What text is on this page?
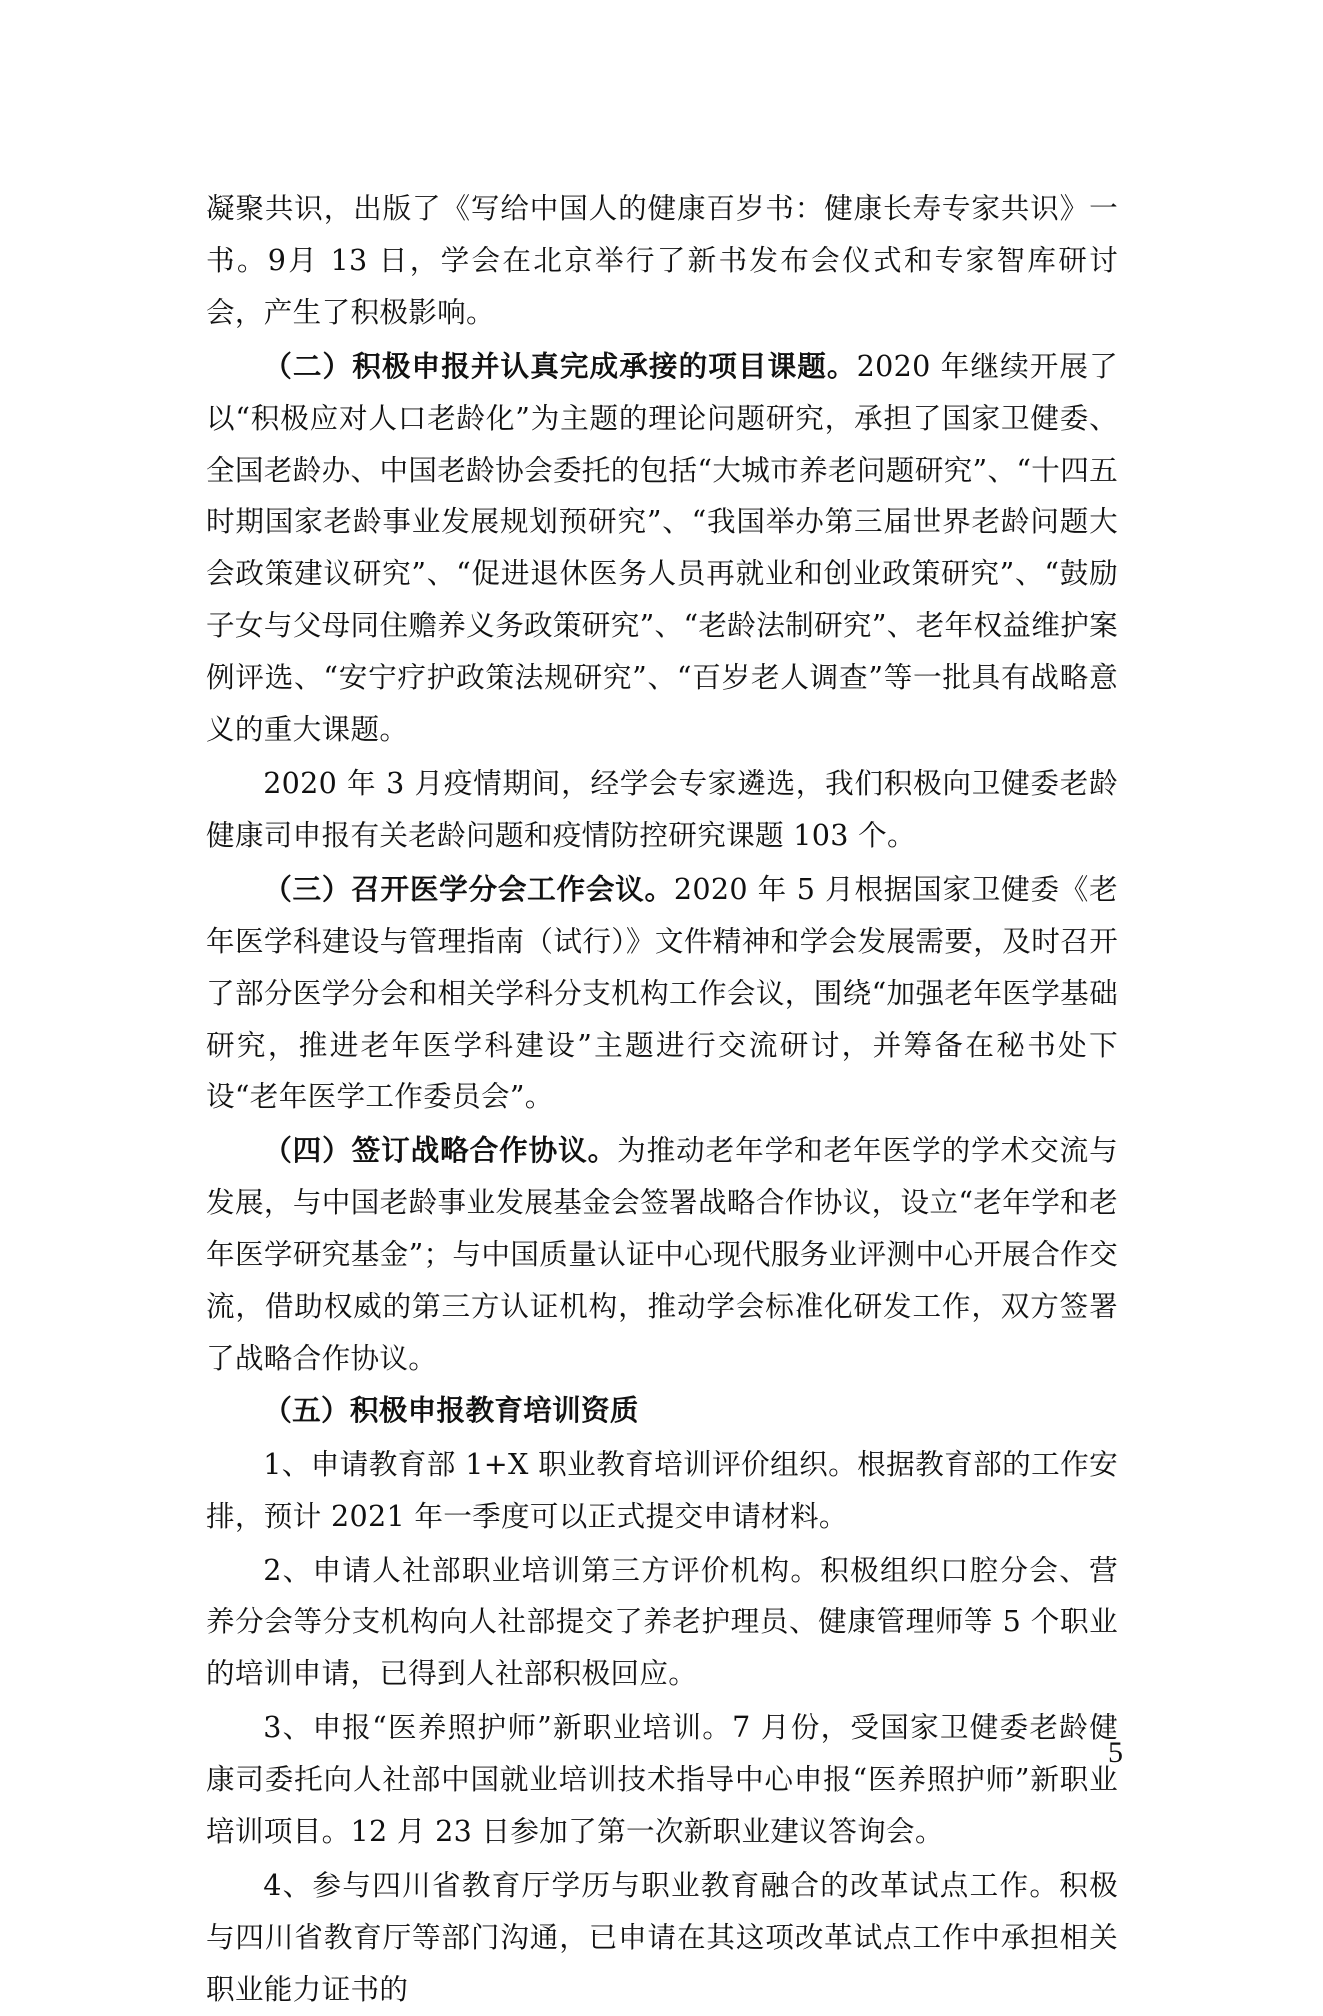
凝聚共识，出版了《写给中国人的健康百岁书：健康长寿专家共识》一书。9月 13 日，学会在北京举行了新书发布会仪式和专家智库研讨会，产生了积极影响。

（二）积极申报并认真完成承接的项目课题。2020 年继续开展了以“积极应对人口老龄化”为主题的理论问题研究，承担了国家卫健委、全国老龄办、中国老龄协会委托的包括“大城市养老问题研究”、“十四五时期国家老龄事业发展规划预研究”、“我国举办第三届世界老龄问题大会政策建议研究”、“促进退休医务人员再就业和创业政策研究”、“鼓励子女与父母同住赡养义务政策研究”、“老龄法制研究”、老年权益维护案例评选、“安宁疗护政策法规研究”、“百岁老人调查”等一批具有战略意义的重大课题。

2020 年 3 月疫情期间，经学会专家遴选，我们积极向卫健委老龄健康司申报有关老龄问题和疫情防控研究课题 103 个。

（三）召开医学分会工作会议。2020 年 5 月根据国家卫健委《老年医学科建设与管理指南（试行）》文件精神和学会发展需要，及时召开了部分医学分会和相关学科分支机构工作会议，围绕“加强老年医学基础研究，推进老年医学科建设”主题进行交流研讨，并筹备在秘书处下设“老年医学工作委员会”。

（四）签订战略合作协议。为推动老年学和老年医学的学术交流与发展，与中国老龄事业发展基金会签署战略合作协议，设立“老年学和老年医学研究基金”；与中国质量认证中心现代服务业评测中心开展合作交流，借助权威的第三方认证机构，推动学会标准化研发工作，双方签署了战略合作协议。

（五）积极申报教育培训资质

1、申请教育部 1+X 职业教育培训评价组织。根据教育部的工作安排，预计 2021 年一季度可以正式提交申请材料。

2、申请人社部职业培训第三方评价机构。积极组织口腔分会、营养分会等分支机构向人社部提交了养老护理员、健康管理师等 5 个职业的培训申请，已得到人社部积极回应。

3、申报“医养照护师”新职业培训。7 月份，受国家卫健委老龄健康司委托向人社部中国就业培训技术指导中心申报“医养照护师”新职业培训项目。12 月 23 日参加了第一次新职业建议答询会。

4、参与四川省教育厅学历与职业教育融合的改革试点工作。积极与四川省教育厅等部门沟通，已申请在其这项改革试点工作中承担相关职业能力证书的

5
